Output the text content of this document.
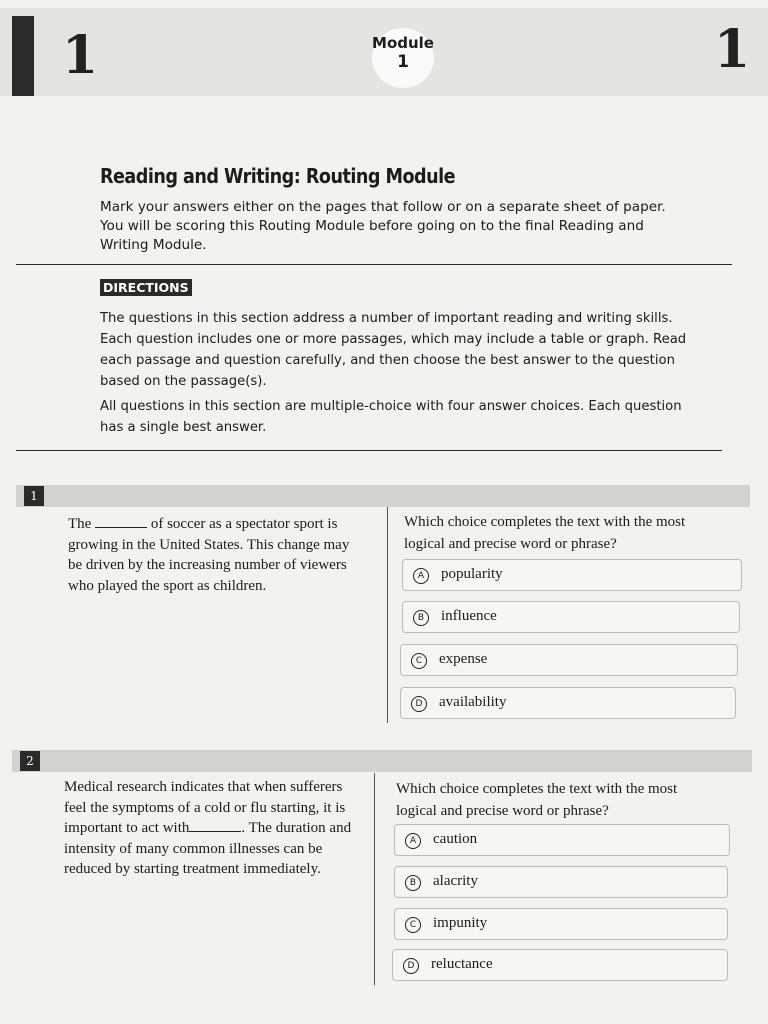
1	Module
1	1
Reading and Writing: Routing Module
Mark your answers either on the pages that follow or on a separate sheet of paper. You will be scoring this Routing Module before going on to the final Reading and Writing Module.
DIRECTIONS
The questions in this section address a number of important reading and writing skills. Each question includes one or more passages, which may include a table or graph. Read each passage and question carefully, and then choose the best answer to the question based on the passage(s).
All questions in this section are multiple-choice with four answer choices. Each question has a single best answer.
1
The	of soccer as a spectator sport is growing in the United States. This change may be driven by the increasing number of viewers who played the sport as children.
Which choice completes the text with the most logical and precise word or phrase?
A	popularity
B	influence
C	expense
D	availability
2
Medical research indicates that when sufferers feel the symptoms of a cold or flu starting, it is important to act with	. The duration and intensity of many common illnesses can be reduced by starting treatment immediately.
Which choice completes the text with the most logical and precise word or phrase?
A	caution
B	alacrity
C	impunity
D	reluctance
